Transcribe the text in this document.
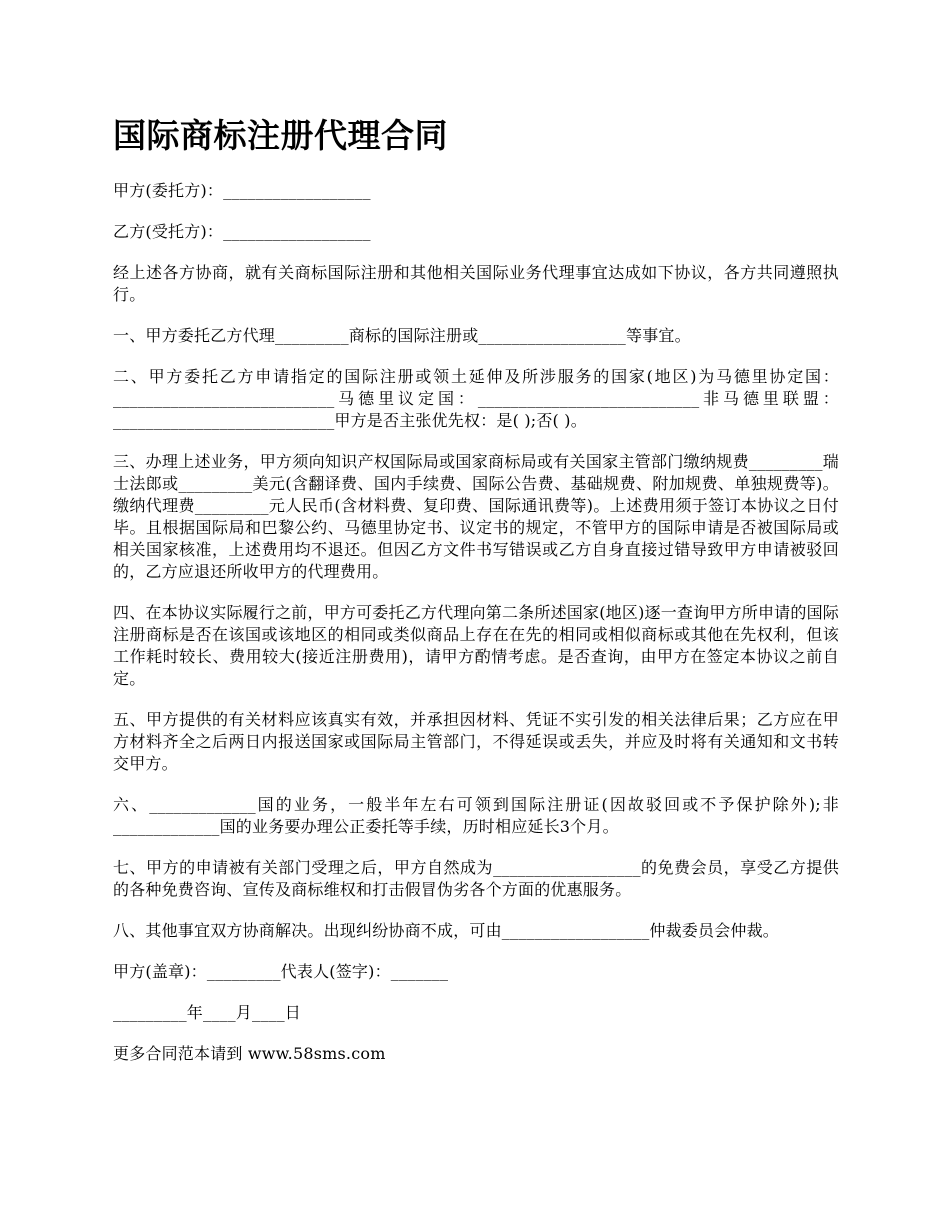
国际商标注册代理合同
甲方(委托方)：__________________
乙方(受托方)：__________________
经上述各方协商，就有关商标国际注册和其他相关国际业务代理事宜达成如下协议，各方共同遵照执行。
一、甲方委托乙方代理_________商标的国际注册或__________________等事宜。
二、甲方委托乙方申请指定的国际注册或领土延伸及所涉服务的国家(地区)为马德里协定国：___________________________马德里议定国：___________________________非马德里联盟：___________________________甲方是否主张优先权：是( );否( )。
三、办理上述业务，甲方须向知识产权国际局或国家商标局或有关国家主管部门缴纳规费_________瑞士法郎或_________美元(含翻译费、国内手续费、国际公告费、基础规费、附加规费、单独规费等)。缴纳代理费_________元人民币(含材料费、复印费、国际通讯费等)。上述费用须于签订本协议之日付毕。且根据国际局和巴黎公约、马德里协定书、议定书的规定，不管甲方的国际申请是否被国际局或相关国家核准，上述费用均不退还。但因乙方文件书写错误或乙方自身直接过错导致甲方申请被驳回的，乙方应退还所收甲方的代理费用。
四、在本协议实际履行之前，甲方可委托乙方代理向第二条所述国家(地区)逐一查询甲方所申请的国际注册商标是否在该国或该地区的相同或类似商品上存在在先的相同或相似商标或其他在先权利，但该工作耗时较长、费用较大(接近注册费用)，请甲方酌情考虑。是否查询，由甲方在签定本协议之前自定。
五、甲方提供的有关材料应该真实有效，并承担因材料、凭证不实引发的相关法律后果；乙方应在甲方材料齐全之后两日内报送国家或国际局主管部门，不得延误或丢失，并应及时将有关通知和文书转交甲方。
六、_____________国的业务，一般半年左右可领到国际注册证(因故驳回或不予保护除外);非_____________国的业务要办理公正委托等手续，历时相应延长3个月。
七、甲方的申请被有关部门受理之后，甲方自然成为__________________的免费会员，享受乙方提供的各种免费咨询、宣传及商标维权和打击假冒伪劣各个方面的优惠服务。
八、其他事宜双方协商解决。出现纠纷协商不成，可由__________________仲裁委员会仲裁。
甲方(盖章)：_________代表人(签字)：_______
_________年____月____日
更多合同范本请到 www.58sms.com
